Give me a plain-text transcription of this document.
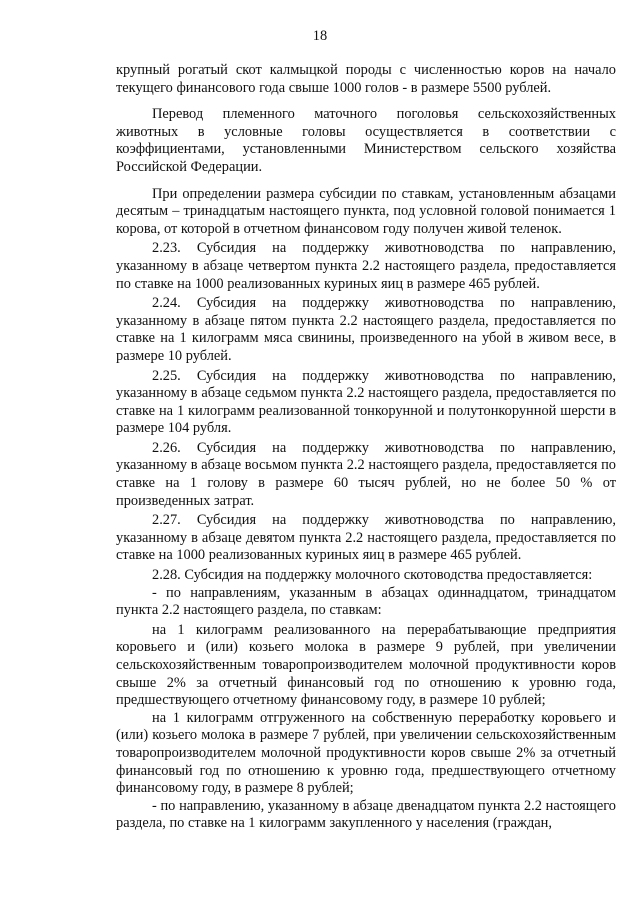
18

крупный рогатый скот калмыцкой породы с численностью коров на начало текущего финансового года свыше 1000 голов - в размере 5500 рублей.

Перевод племенного маточного поголовья сельскохозяйственных животных в условные головы осуществляется в соответствии с коэффициентами, установленными Министерством сельского хозяйства Российской Федерации.

При определении размера субсидии по ставкам, установленным абзацами десятым – тринадцатым настоящего пункта, под условной головой понимается 1 корова, от которой в отчетном финансовом году получен живой теленок.

2.23. Субсидия на поддержку животноводства по направлению, указанному в абзаце четвертом пункта 2.2 настоящего раздела, предоставляется по ставке на 1000 реализованных куриных яиц в размере 465 рублей.

2.24. Субсидия на поддержку животноводства по направлению, указанному в абзаце пятом пункта 2.2 настоящего раздела, предоставляется по ставке на 1 килограмм мяса свинины, произведенного на убой в живом весе, в размере 10 рублей.

2.25. Субсидия на поддержку животноводства по направлению, указанному в абзаце седьмом пункта 2.2 настоящего раздела, предоставляется по ставке на 1 килограмм реализованной тонкорунной и полутонкорунной шерсти в размере 104 рубля.

2.26. Субсидия на поддержку животноводства по направлению, указанному в абзаце восьмом пункта 2.2 настоящего раздела, предоставляется по ставке на 1 голову в размере 60 тысяч рублей, но не более 50 % от произведенных затрат.

2.27. Субсидия на поддержку животноводства по направлению, указанному в абзаце девятом пункта 2.2 настоящего раздела, предоставляется по ставке на 1000 реализованных куриных яиц в размере 465 рублей.

2.28. Субсидия на поддержку молочного скотоводства предоставляется:

- по направлениям, указанным в абзацах одиннадцатом, тринадцатом пункта 2.2 настоящего раздела, по ставкам:

на 1 килограмм реализованного на перерабатывающие предприятия коровьего и (или) козьего молока в размере 9 рублей, при увеличении сельскохозяйственным товаропроизводителем молочной продуктивности коров свыше 2% за отчетный финансовый год по отношению к уровню года, предшествующего отчетному финансовому году, в размере 10 рублей;

на 1 килограмм отгруженного на собственную переработку коровьего и (или) козьего молока в размере 7 рублей, при увеличении сельскохозяйственным товаропроизводителем молочной продуктивности коров свыше 2% за отчетный финансовый год по отношению к уровню года, предшествующего отчетному финансовому году, в размере 8 рублей;

- по направлению, указанному в абзаце двенадцатом пункта 2.2 настоящего раздела, по ставке на 1 килограмм закупленного у населения (граждан,
